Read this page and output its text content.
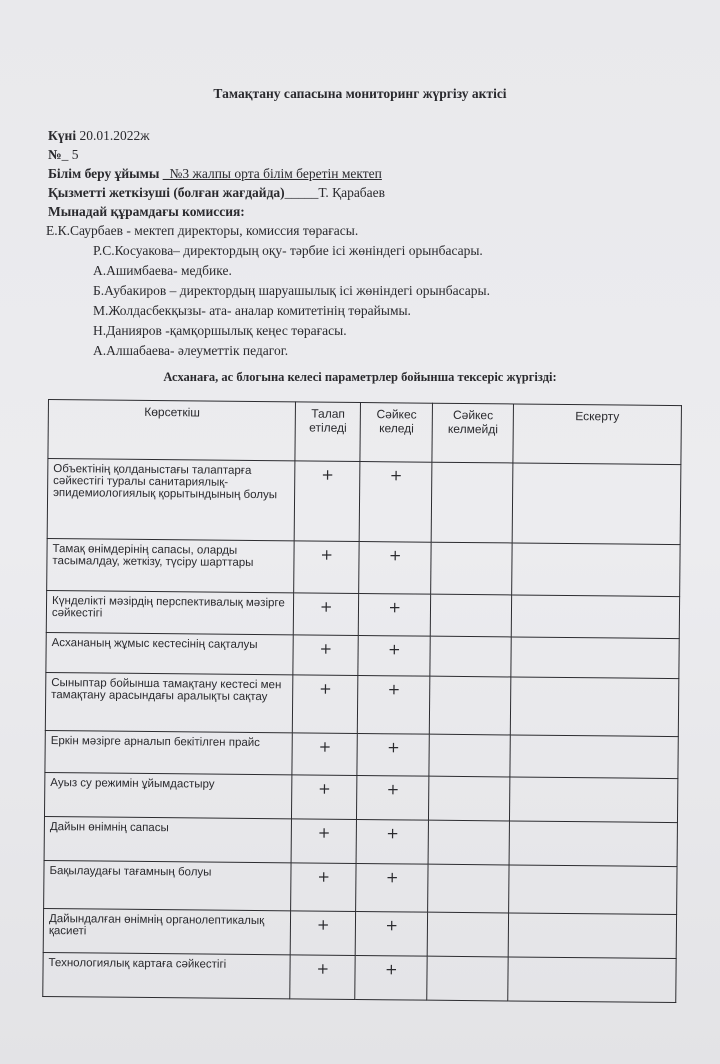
Тамақтану сапасына мониторинг жүргізу актісі
Күні 20.01.2022ж
№_ 5
Білім беру ұйымы _№3 жалпы орта білім беретін мектеп
Қызметті жеткізуші (болған жағдайда)_____Т. Қарабаев
Мынадай құрамдағы комиссия:
Е.К.Саурбаев - мектеп директоры, комиссия төрағасы.
Р.С.Косуакова– директордың оқу- тәрбие ісі жөніндегі орынбасары.
А.Ашимбаева- медбике.
Б.Аубакиров – директордың шаруашылық ісі жөніндегі орынбасары.
М.Жолдасбекқызы- ата- аналар комитетінің төрайымы.
Н.Данияров -қамқоршылық кеңес төрағасы.
А.Алшабаева- әлеуметтік педагог.
Асханаға, ас блогына келесі параметрлер бойынша тексеріс жүргізді:
Көрсеткіш	Талап етіледі	Сәйкес келеді	Сәйкес келмейді	Ескерту
Объектінің қолданыстағы талаптарға сәйкестігі туралы санитариялық-эпидемиологиялық қорытындының болуы	+	+		
Тамақ өнімдерінің сапасы, оларды тасымалдау, жеткізу, түсіру шарттары	+	+		
Күнделікті мәзірдің перспективалық мәзірге сәйкестігі	+	+		
Асхананың жұмыс кестесінің сақталуы	+	+		
Сыныптар бойынша тамақтану кестесі мен тамақтану арасындағы аралықты сақтау	+	+		
Еркін мәзірге арналып бекітілген прайс	+	+		
Ауыз су режимін ұйымдастыру	+	+		
Дайын өнімнің сапасы	+	+		
Бақылаудағы тағамның болуы	+	+		
Дайындалған өнімнің органолептикалық қасиеті	+	+		
Технологиялық картаға сәйкестігі	+	+		
